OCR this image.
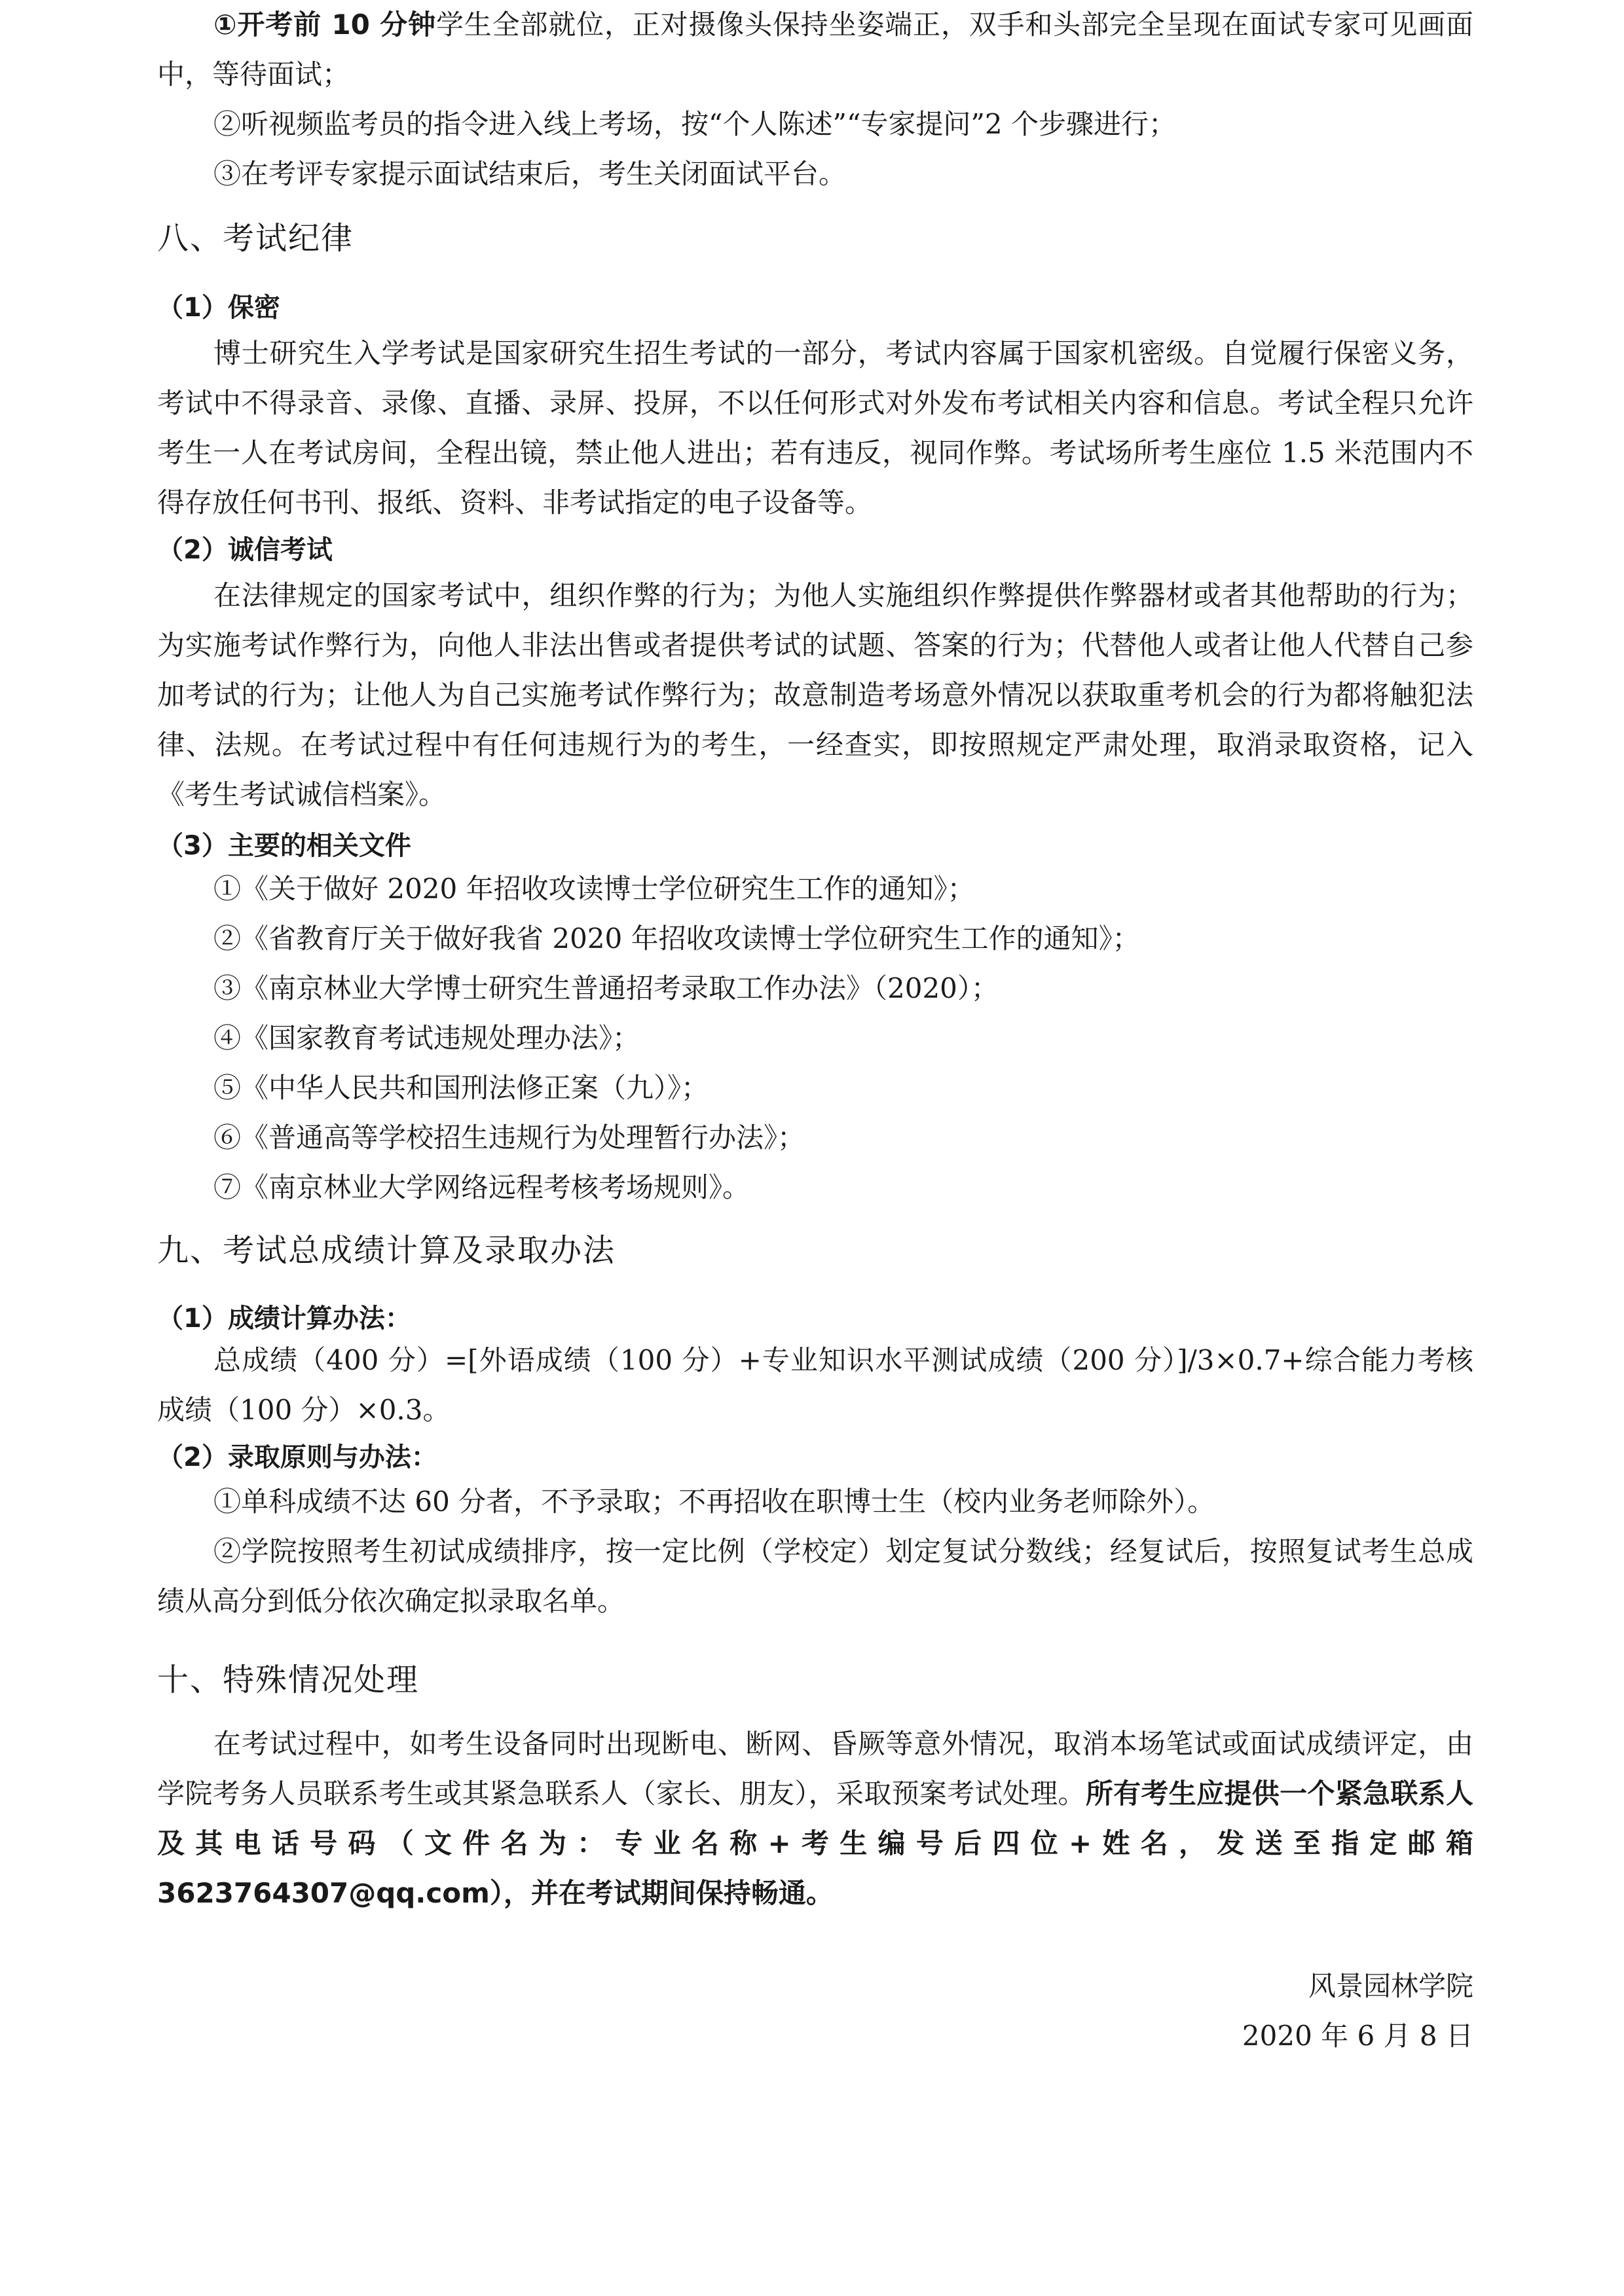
①开考前 10 分钟学生全部就位，正对摄像头保持坐姿端正，双手和头部完全呈现在面试专家可见画面中，等待面试；

②听视频监考员的指令进入线上考场，按“个人陈述”“专家提问”2 个步骤进行；

③在考评专家提示面试结束后，考生关闭面试平台。

八、考试纪律
（1）保密

博士研究生入学考试是国家研究生招生考试的一部分，考试内容属于国家机密级。自觉履行保密义务，考试中不得录音、录像、直播、录屏、投屏，不以任何形式对外发布考试相关内容和信息。考试全程只允许考生一人在考试房间，全程出镜，禁止他人进出；若有违反，视同作弊。考试场所考生座位 1.5 米范围内不得存放任何书刊、报纸、资料、非考试指定的电子设备等。

（2）诚信考试

在法律规定的国家考试中，组织作弊的行为；为他人实施组织作弊提供作弊器材或者其他帮助的行为；为实施考试作弊行为，向他人非法出售或者提供考试的试题、答案的行为；代替他人或者让他人代替自己参加考试的行为；让他人为自己实施考试作弊行为；故意制造考场意外情况以获取重考机会的行为都将触犯法律、法规。在考试过程中有任何违规行为的考生，一经查实，即按照规定严肃处理，取消录取资格，记入《考生考试诚信档案》。

（3）主要的相关文件

①《关于做好 2020 年招收攻读博士学位研究生工作的通知》；

②《省教育厅关于做好我省 2020 年招收攻读博士学位研究生工作的通知》；

③《南京林业大学博士研究生普通招考录取工作办法》（2020）；

④《国家教育考试违规处理办法》；

⑤《中华人民共和国刑法修正案（九）》；

⑥《普通高等学校招生违规行为处理暂行办法》；

⑦《南京林业大学网络远程考核考场规则》。

九、考试总成绩计算及录取办法
（1）成绩计算办法：

总成绩（400 分）=[外语成绩（100 分）+专业知识水平测试成绩（200 分）]/3×0.7+综合能力考核成绩（100 分）×0.3。

（2）录取原则与办法：

①单科成绩不达 60 分者，不予录取；不再招收在职博士生（校内业务老师除外）。

②学院按照考生初试成绩排序，按一定比例（学校定）划定复试分数线；经复试后，按照复试考生总成绩从高分到低分依次确定拟录取名单。

十、特殊情况处理

在考试过程中，如考生设备同时出现断电、断网、昏厥等意外情况，取消本场笔试或面试成绩评定，由学院考务人员联系考生或其紧急联系人（家长、朋友），采取预案考试处理。所有考生应提供一个紧急联系人及其电话号码（文件名为：专业名称+考生编号后四位+姓名，发送至指定邮箱 3623764307@qq.com），并在考试期间保持畅通。

风景园林学院

2020 年 6 月 8 日
